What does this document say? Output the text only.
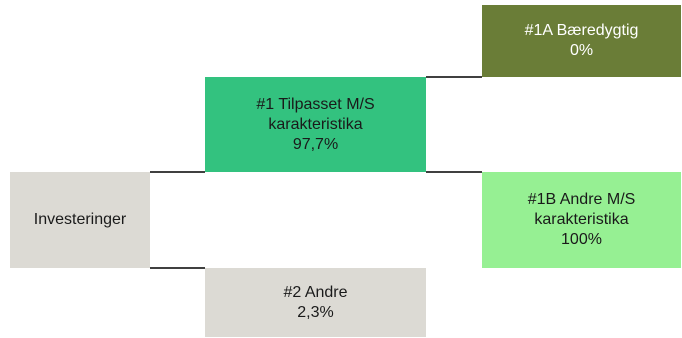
Investeringer
#1 Tilpasset M/S
karakteristika
97,7%
#2 Andre
2,3%
#1A Bæredygtig
0%
#1B Andre M/S
karakteristika
100%
